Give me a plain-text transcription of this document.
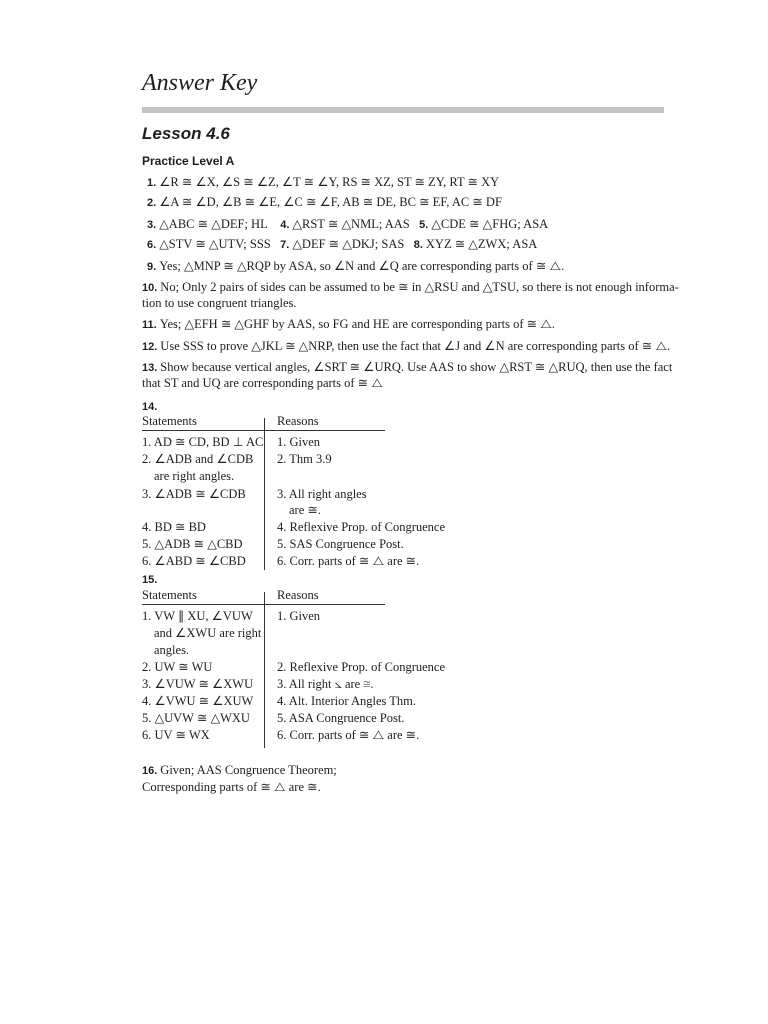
Answer Key
Lesson 4.6
Practice Level A
1. ∠R ≅ ∠X, ∠S ≅ ∠Z, ∠T ≅ ∠Y, RS ≅ XZ, ST ≅ ZY, RT ≅ XY
2. ∠A ≅ ∠D, ∠B ≅ ∠E, ∠C ≅ ∠F, AB ≅ DE, BC ≅ EF, AC ≅ DF
3. △ABC ≅ △DEF; HL 4. △RST ≅ △NML; AAS 5. △CDE ≅ △FHG; ASA
6. △STV ≅ △UTV; SSS 7. △DEF ≅ △DKJ; SAS 8. XYZ ≅ △ZWX; ASA
9. Yes; △MNP ≅ △RQP by ASA, so ∠N and ∠Q are corresponding parts of ≅ ⧍.
10. No; Only 2 pairs of sides can be assumed to be ≅ in △RSU and △TSU, so there is not enough informa-
tion to use congruent triangles.
11. Yes; △EFH ≅ △GHF by AAS, so FG and HE are corresponding parts of ≅ ⧍.
12. Use SSS to prove △JKL ≅ △NRP, then use the fact that ∠J and ∠N are corresponding parts of ≅ ⧍.
13. Show because vertical angles, ∠SRT ≅ ∠URQ. Use AAS to show △RST ≅ △RUQ, then use the fact
that ST and UQ are corresponding parts of ≅ ⧍
14.
Statements	Reasons
1. AD ≅ CD, BD ⊥ AC
2. ∠ADB and ∠CDB
are right angles.
3. ∠ADB ≅ ∠CDB
4. BD ≅ BD
5. △ADB ≅ △CBD
6. ∠ABD ≅ ∠CBD
1. Given
2. Thm 3.9
3. All right angles
are ≅.
4. Reflexive Prop. of Congruence
5. SAS Congruence Post.
6. Corr. parts of ≅ ⧍ are ≅.
15.
Statements	Reasons
1. VW ∥ XU, ∠VUW
and ∠XWU are right
angles.
2. UW ≅ WU
3. ∠VUW ≅ ∠XWU
4. ∠VWU ≅ ∠XUW
5. △UVW ≅ △WXU
6. UV ≅ WX
1. Given
2. Reflexive Prop. of Congruence
3. All right ⦣ are ≅.
4. Alt. Interior Angles Thm.
5. ASA Congruence Post.
6. Corr. parts of ≅ ⧍ are ≅.
16. Given; AAS Congruence Theorem;
Corresponding parts of ≅ ⧍ are ≅.
